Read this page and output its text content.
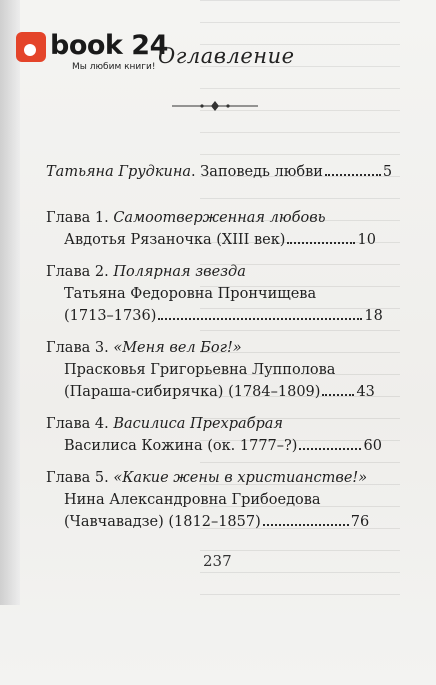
book 24
Мы любим книги! Оглавление
Татьяна Грудкина. Заповедь любви	5
Глава 1. Самоотверженная любовь
Авдотья Рязаночка (XIII век)	10
Глава 2. Полярная звезда
Татьяна Федоровна Прончищева
(1713–1736)	18
Глава 3. «Меня вел Бог!»
Прасковья Григорьевна Лупполова
(Параша-сибирячка) (1784–1809) 43
Глава 4. Василиса Прехрабрая
Василиса Кожина (ок. 1777–?)	60
Глава 5. «Какие жены в христианстве!»
Нина Александровна Грибоедова
(Чавчавадзе) (1812–1857)	76
237
